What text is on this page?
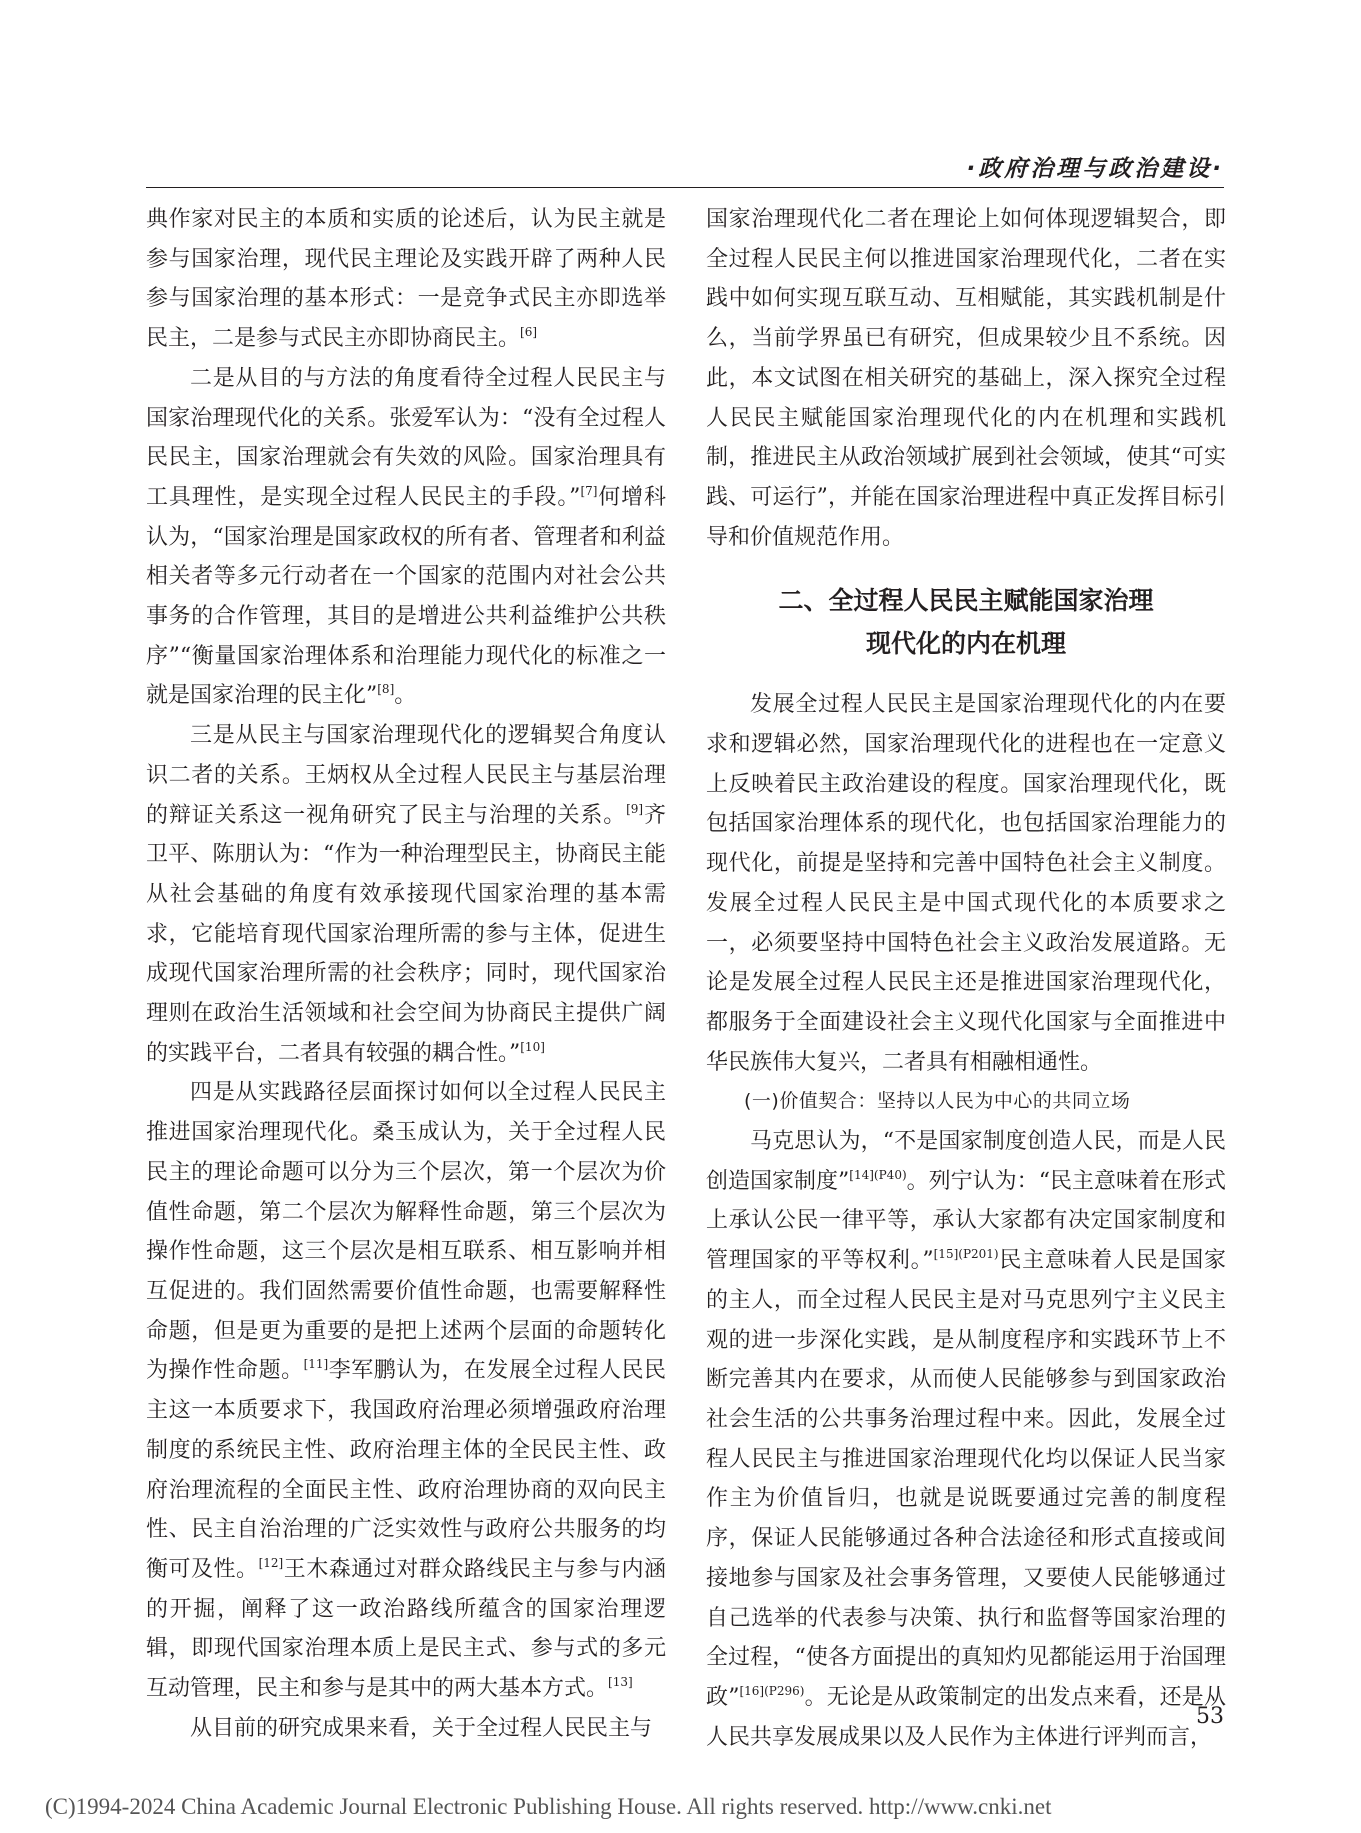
·政府治理与政治建设·

典作家对民主的本质和实质的论述后，认为民主就是参与国家治理，现代民主理论及实践开辟了两种人民参与国家治理的基本形式：一是竞争式民主亦即选举民主，二是参与式民主亦即协商民主。[6]

二是从目的与方法的角度看待全过程人民民主与国家治理现代化的关系。张爱军认为：“没有全过程人民民主，国家治理就会有失效的风险。国家治理具有工具理性，是实现全过程人民民主的手段。”[7]何增科认为，“国家治理是国家政权的所有者、管理者和利益相关者等多元行动者在一个国家的范围内对社会公共事务的合作管理，其目的是增进公共利益维护公共秩序”“衡量国家治理体系和治理能力现代化的标准之一就是国家治理的民主化”[8]。

三是从民主与国家治理现代化的逻辑契合角度认识二者的关系。王炳权从全过程人民民主与基层治理的辩证关系这一视角研究了民主与治理的关系。[9]齐卫平、陈朋认为：“作为一种治理型民主，协商民主能从社会基础的角度有效承接现代国家治理的基本需求，它能培育现代国家治理所需的参与主体，促进生成现代国家治理所需的社会秩序；同时，现代国家治理则在政治生活领域和社会空间为协商民主提供广阔的实践平台，二者具有较强的耦合性。”[10]

四是从实践路径层面探讨如何以全过程人民民主推进国家治理现代化。桑玉成认为，关于全过程人民民主的理论命题可以分为三个层次，第一个层次为价值性命题，第二个层次为解释性命题，第三个层次为操作性命题，这三个层次是相互联系、相互影响并相互促进的。我们固然需要价值性命题，也需要解释性命题，但是更为重要的是把上述两个层面的命题转化为操作性命题。[11]李军鹏认为，在发展全过程人民民主这一本质要求下，我国政府治理必须增强政府治理制度的系统民主性、政府治理主体的全民民主性、政府治理流程的全面民主性、政府治理协商的双向民主性、民主自治治理的广泛实效性与政府公共服务的均衡可及性。[12]王木森通过对群众路线民主与参与内涵的开掘，阐释了这一政治路线所蕴含的国家治理逻辑，即现代国家治理本质上是民主式、参与式的多元互动管理，民主和参与是其中的两大基本方式。[13]

从目前的研究成果来看，关于全过程人民民主与

国家治理现代化二者在理论上如何体现逻辑契合，即全过程人民民主何以推进国家治理现代化，二者在实践中如何实现互联互动、互相赋能，其实践机制是什么，当前学界虽已有研究，但成果较少且不系统。因此，本文试图在相关研究的基础上，深入探究全过程人民民主赋能国家治理现代化的内在机理和实践机制，推进民主从政治领域扩展到社会领域，使其“可实践、可运行”，并能在国家治理进程中真正发挥目标引导和价值规范作用。

二、全过程人民民主赋能国家治理
现代化的内在机理

发展全过程人民民主是国家治理现代化的内在要求和逻辑必然，国家治理现代化的进程也在一定意义上反映着民主政治建设的程度。国家治理现代化，既包括国家治理体系的现代化，也包括国家治理能力的现代化，前提是坚持和完善中国特色社会主义制度。发展全过程人民民主是中国式现代化的本质要求之一，必须要坚持中国特色社会主义政治发展道路。无论是发展全过程人民民主还是推进国家治理现代化，都服务于全面建设社会主义现代化国家与全面推进中华民族伟大复兴，二者具有相融相通性。

(一)价值契合：坚持以人民为中心的共同立场

马克思认为，“不是国家制度创造人民，而是人民创造国家制度”$^{[14](P40)}$。列宁认为：“民主意味着在形式上承认公民一律平等，承认大家都有决定国家制度和管理国家的平等权利。”$^{[15](P201)}$民主意味着人民是国家的主人，而全过程人民民主是对马克思列宁主义民主观的进一步深化实践，是从制度程序和实践环节上不断完善其内在要求，从而使人民能够参与到国家政治社会生活的公共事务治理过程中来。因此，发展全过程人民民主与推进国家治理现代化均以保证人民当家作主为价值旨归，也就是说既要通过完善的制度程序，保证人民能够通过各种合法途径和形式直接或间接地参与国家及社会事务管理，又要使人民能够通过自己选举的代表参与决策、执行和监督等国家治理的全过程，“使各方面提出的真知灼见都能运用于治国理政”$^{[16](P296)}$。无论是从政策制定的出发点来看，还是从人民共享发展成果以及人民作为主体进行评判而言，

53
(C)1994-2024 China Academic Journal Electronic Publishing House. All rights reserved. http://www.cnki.net
